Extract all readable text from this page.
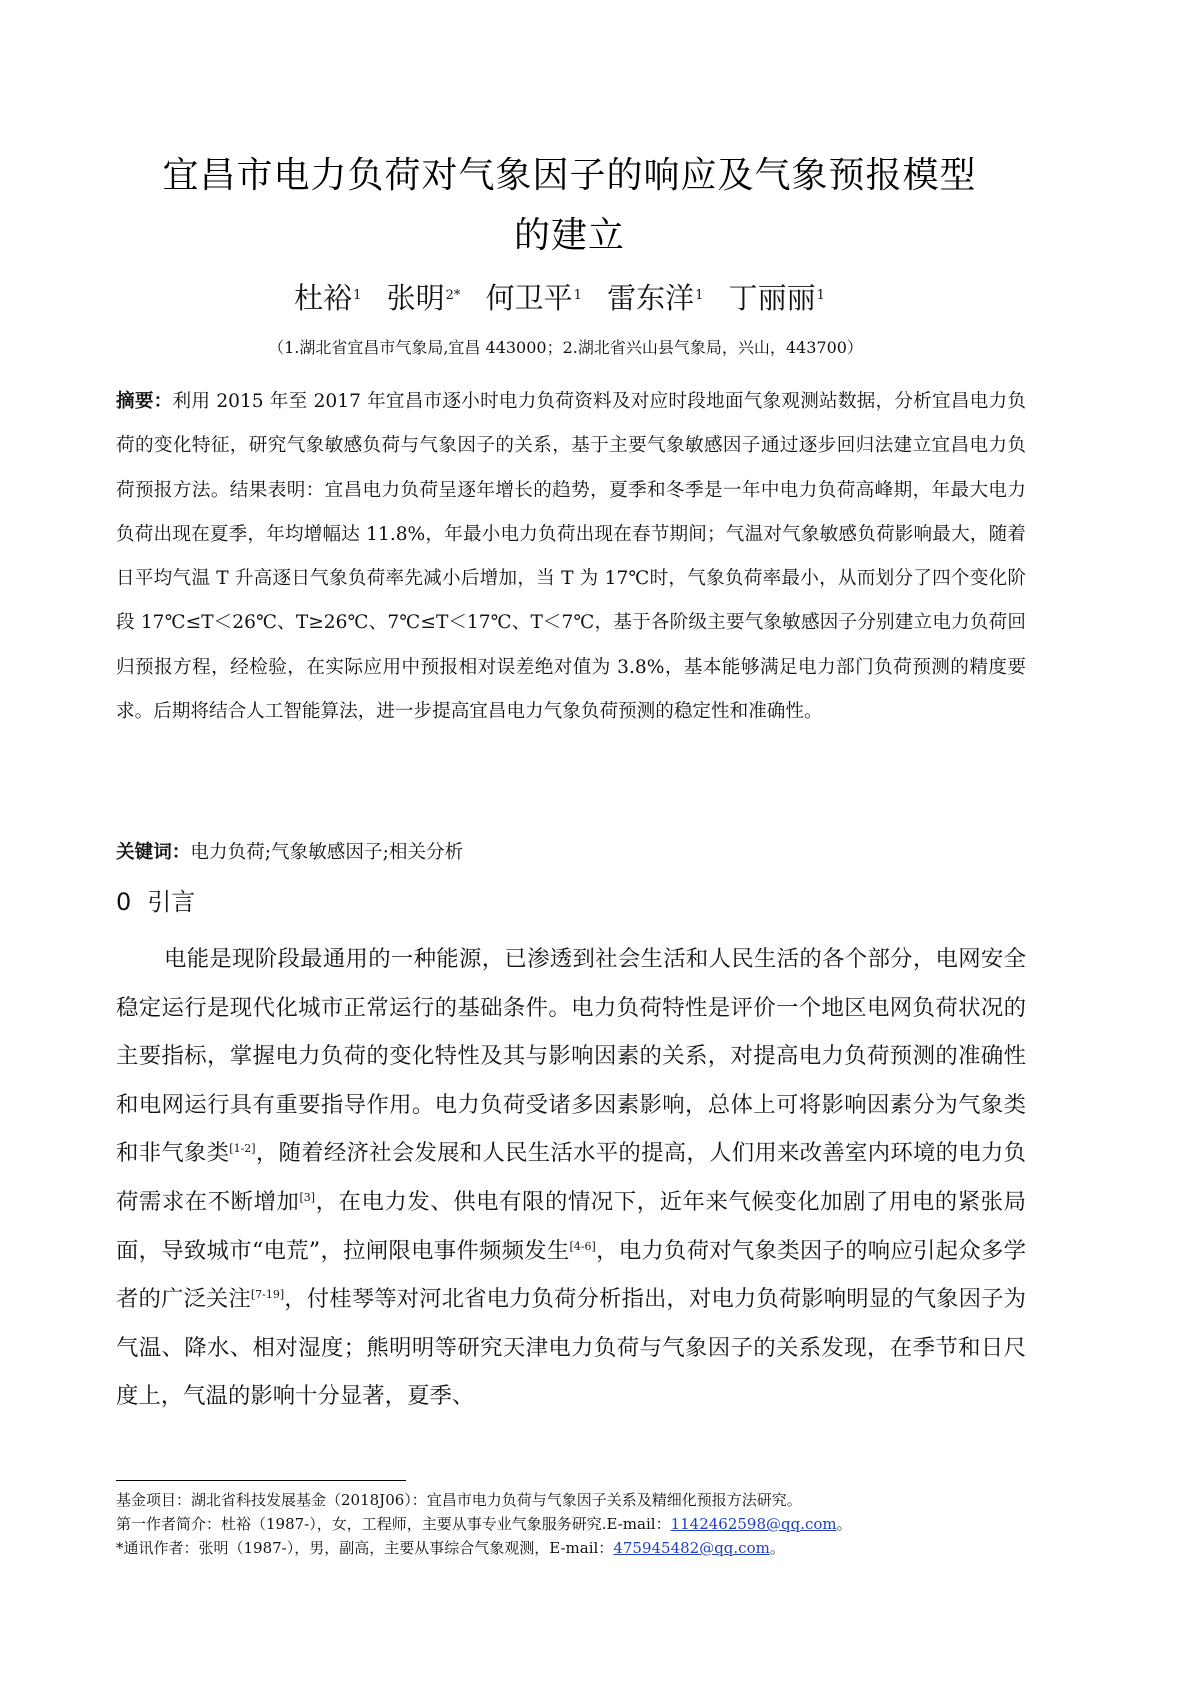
宜昌市电力负荷对气象因子的响应及气象预报模型
的建立
杜裕$^1$ 张明$^{2*}$ 何卫平$^1$ 雷东洋$^1$ 丁丽丽$^1$
（1.湖北省宜昌市气象局,宜昌 443000；2.湖北省兴山县气象局，兴山，443700）
摘要：利用 2015 年至 2017 年宜昌市逐小时电力负荷资料及对应时段地面气象观测站数据，分析宜昌电力负荷的变化特征，研究气象敏感负荷与气象因子的关系，基于主要气象敏感因子通过逐步回归法建立宜昌电力负荷预报方法。结果表明：宜昌电力负荷呈逐年增长的趋势，夏季和冬季是一年中电力负荷高峰期，年最大电力负荷出现在夏季，年均增幅达 11.8%，年最小电力负荷出现在春节期间；气温对气象敏感负荷影响最大，随着日平均气温 T 升高逐日气象负荷率先减小后增加，当 T 为 17℃时，气象负荷率最小，从而划分了四个变化阶段 17℃≤T＜26℃、T≥26℃、7℃≤T＜17℃、T＜7℃，基于各阶级主要气象敏感因子分别建立电力负荷回归预报方程，经检验，在实际应用中预报相对误差绝对值为 3.8%，基本能够满足电力部门负荷预测的精度要求。后期将结合人工智能算法，进一步提高宜昌电力气象负荷预测的稳定性和准确性。
关键词：电力负荷;气象敏感因子;相关分析
0 引言

电能是现阶段最通用的一种能源，已渗透到社会生活和人民生活的各个部分，电网安全稳定运行是现代化城市正常运行的基础条件。电力负荷特性是评价一个地区电网负荷状况的主要指标，掌握电力负荷的变化特性及其与影响因素的关系，对提高电力负荷预测的准确性和电网运行具有重要指导作用。电力负荷受诸多因素影响，总体上可将影响因素分为气象类和非气象类[1-2]，随着经济社会发展和人民生活水平的提高，人们用来改善室内环境的电力负荷需求在不断增加[3]，在电力发、供电有限的情况下，近年来气候变化加剧了用电的紧张局面，导致城市“电荒”，拉闸限电事件频频发生[4-6]，电力负荷对气象类因子的响应引起众多学者的广泛关注[7-19]，付桂琴等对河北省电力负荷分析指出，对电力负荷影响明显的气象因子为气温、降水、相对湿度；熊明明等研究天津电力负荷与气象因子的关系发现，在季节和日尺度上，气温的影响十分显著，夏季、

基金项目：湖北省科技发展基金（2018J06）：宜昌市电力负荷与气象因子关系及精细化预报方法研究。
第一作者简介：杜裕（1987-），女，工程师，主要从事专业气象服务研究.E-mail：1142462598@qq.com。
*通讯作者：张明（1987-），男，副高，主要从事综合气象观测，E-mail：475945482@qq.com。
